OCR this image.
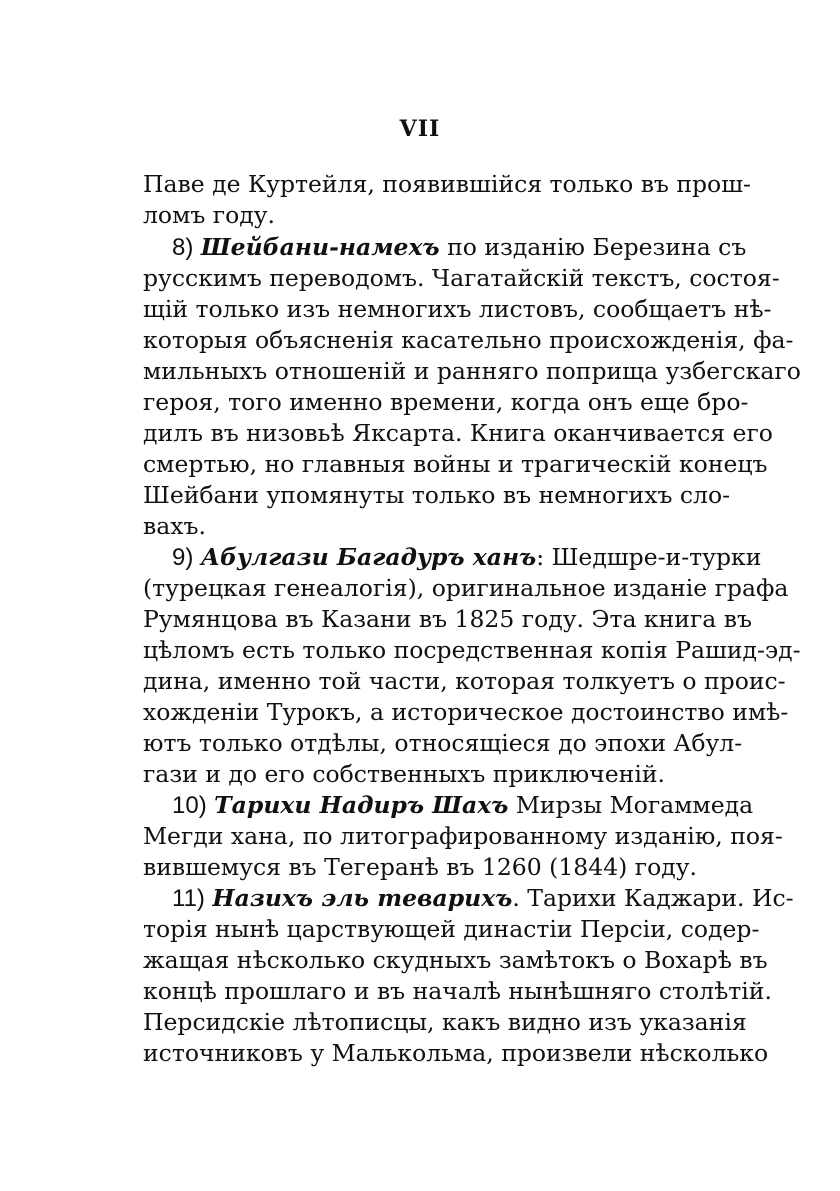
VII
Паве де Куртейля, появившійся только въ прош-
ломъ году.
8) Шейбани-намехъ по изданію Березина съ
русскимъ переводомъ. Чагатайскій текстъ, состоя-
щій только изъ немногихъ листовъ, сообщаетъ нѣ-
которыя объясненія касательно происхожденія, фа-
мильныхъ отношеній и ранняго поприща узбегскаго
героя, того именно времени, когда онъ еще бро-
дилъ въ низовьѣ Яксарта. Книга оканчивается его
смертью, но главныя войны и трагическій конецъ
Шейбани упомянуты только въ немногихъ сло-
вахъ.
9) Абулгази Багадуръ ханъ: Шедшре-и-турки
(турецкая генеалогія), оригинальное изданіе графа
Румянцова въ Казани въ 1825 году. Эта книга въ
цѣломъ есть только посредственная копія Рашид-эд-
дина, именно той части, которая толкуетъ о проис-
хожденіи Турокъ, а историческое достоинство имѣ-
ютъ только отдѣлы, относящіеся до эпохи Абул-
гази и до его собственныхъ приключеній.
10) Тарихи Надиръ Шахъ Мирзы Могаммеда
Мегди хана, по литографированному изданію, поя-
вившемуся въ Тегеранѣ въ 1260 (1844) году.
11) Назихъ эль теварихъ. Тарихи Каджари. Ис-
торія нынѣ царствующей династіи Персіи, содер-
жащая нѣсколько скудныхъ замѣтокъ о Вохарѣ въ
концѣ прошлаго и въ началѣ нынѣшняго столѣтій.
Персидскіе лѣтописцы, какъ видно изъ указанія
источниковъ у Малькольма, произвели нѣсколько
